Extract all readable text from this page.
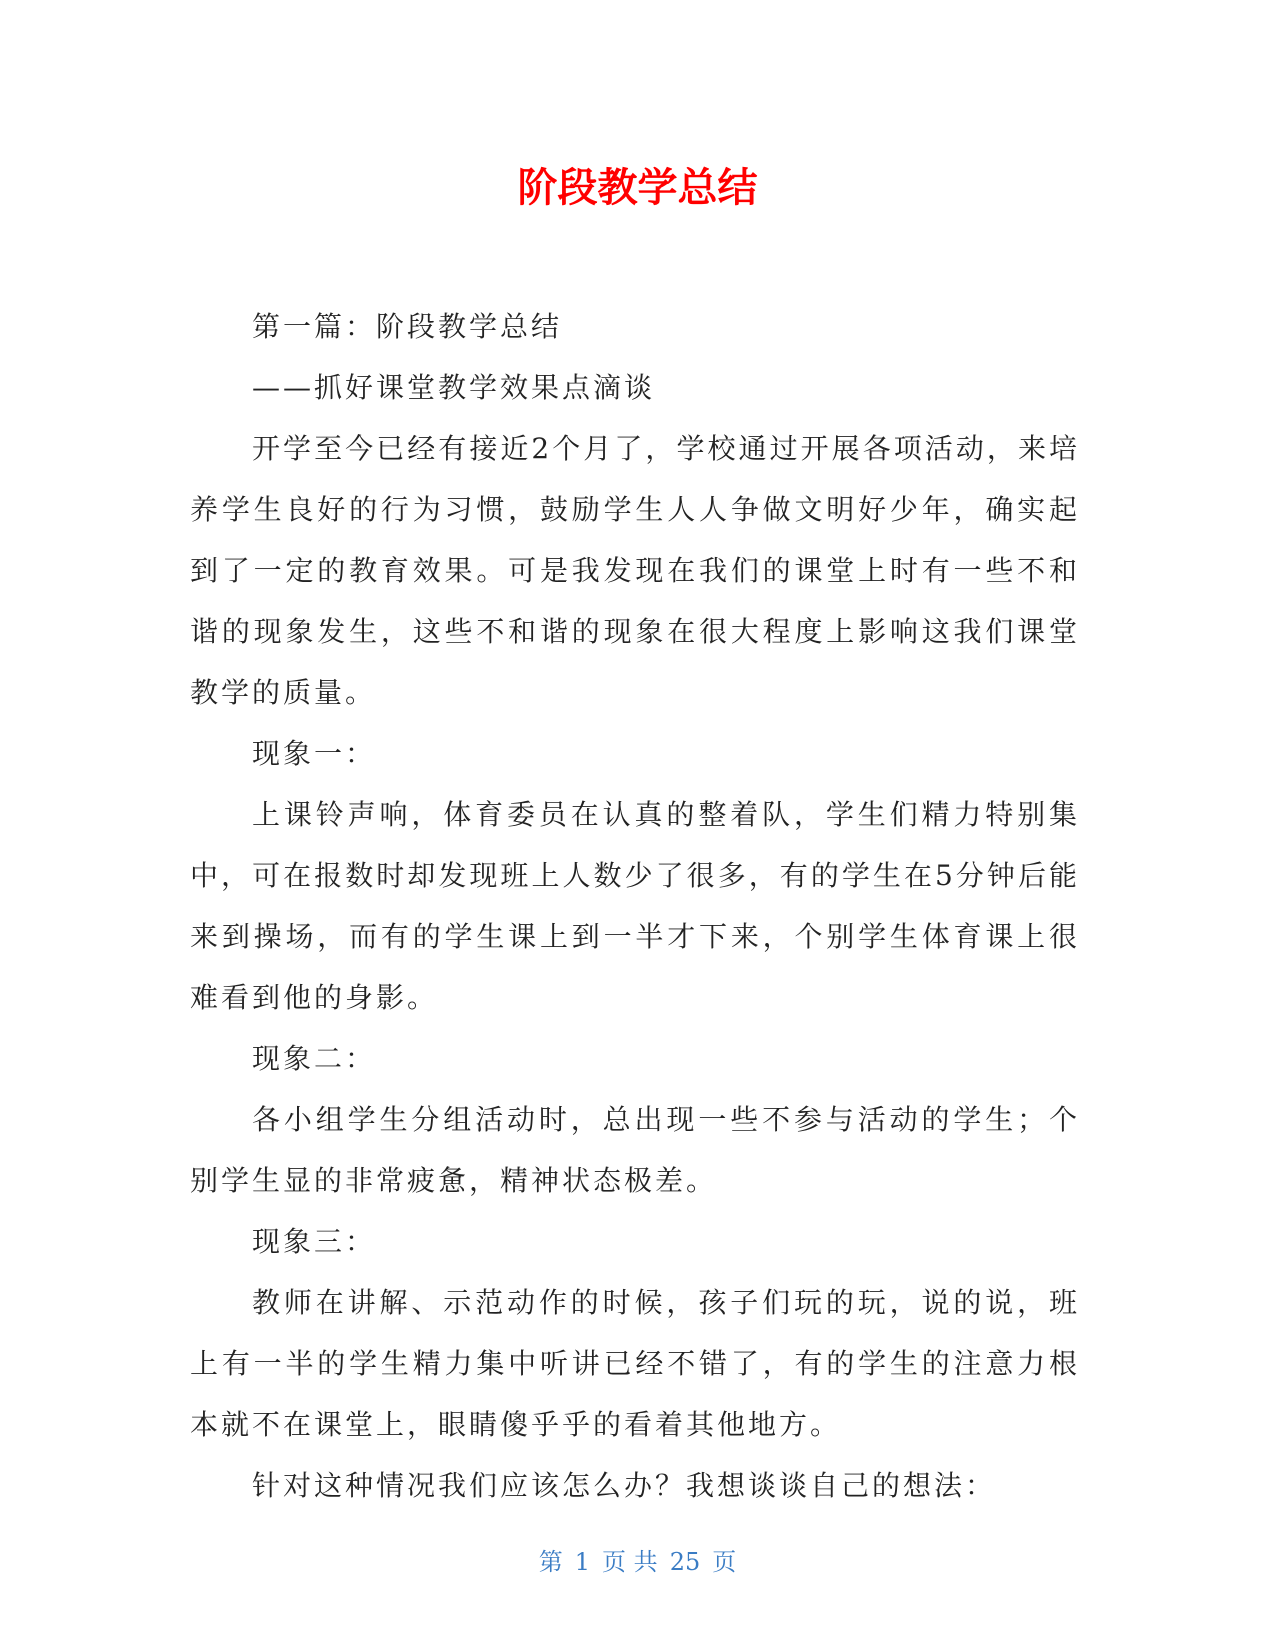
阶段教学总结

第一篇：阶段教学总结

——抓好课堂教学效果点滴谈

开学至今已经有接近2个月了，学校通过开展各项活动，来培养学生良好的行为习惯，鼓励学生人人争做文明好少年，确实起到了一定的教育效果。可是我发现在我们的课堂上时有一些不和谐的现象发生，这些不和谐的现象在很大程度上影响这我们课堂教学的质量。

现象一：

上课铃声响，体育委员在认真的整着队，学生们精力特别集中，可在报数时却发现班上人数少了很多，有的学生在5分钟后能来到操场，而有的学生课上到一半才下来，个别学生体育课上很难看到他的身影。

现象二：

各小组学生分组活动时，总出现一些不参与活动的学生；个别学生显的非常疲惫，精神状态极差。

现象三：

教师在讲解、示范动作的时候，孩子们玩的玩，说的说，班上有一半的学生精力集中听讲已经不错了，有的学生的注意力根本就不在课堂上，眼睛傻乎乎的看着其他地方。

针对这种情况我们应该怎么办？我想谈谈自己的想法：

第 1 页 共 25 页
